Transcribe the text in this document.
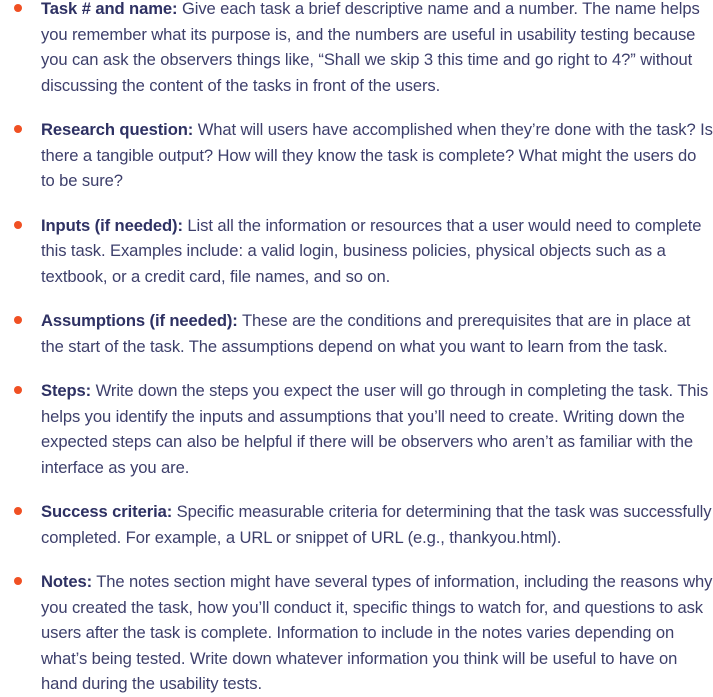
Task # and name: Give each task a brief descriptive name and a number. The name helps you remember what its purpose is, and the numbers are useful in usability testing because you can ask the observers things like, “Shall we skip 3 this time and go right to 4?” without discussing the content of the tasks in front of the users.
Research question: What will users have accomplished when they’re done with the task? Is there a tangible output? How will they know the task is complete? What might the users do to be sure?
Inputs (if needed): List all the information or resources that a user would need to complete this task. Examples include: a valid login, business policies, physical objects such as a textbook, or a credit card, file names, and so on.
Assumptions (if needed): These are the conditions and prerequisites that are in place at the start of the task. The assumptions depend on what you want to learn from the task.
Steps: Write down the steps you expect the user will go through in completing the task. This helps you identify the inputs and assumptions that you’ll need to create. Writing down the expected steps can also be helpful if there will be observers who aren’t as familiar with the interface as you are.
Success criteria: Specific measurable criteria for determining that the task was successfully completed. For example, a URL or snippet of URL (e.g., thankyou.html).
Notes: The notes section might have several types of information, including the reasons why you created the task, how you’ll conduct it, specific things to watch for, and questions to ask users after the task is complete. Information to include in the notes varies depending on what’s being tested. Write down whatever information you think will be useful to have on hand during the usability tests.
